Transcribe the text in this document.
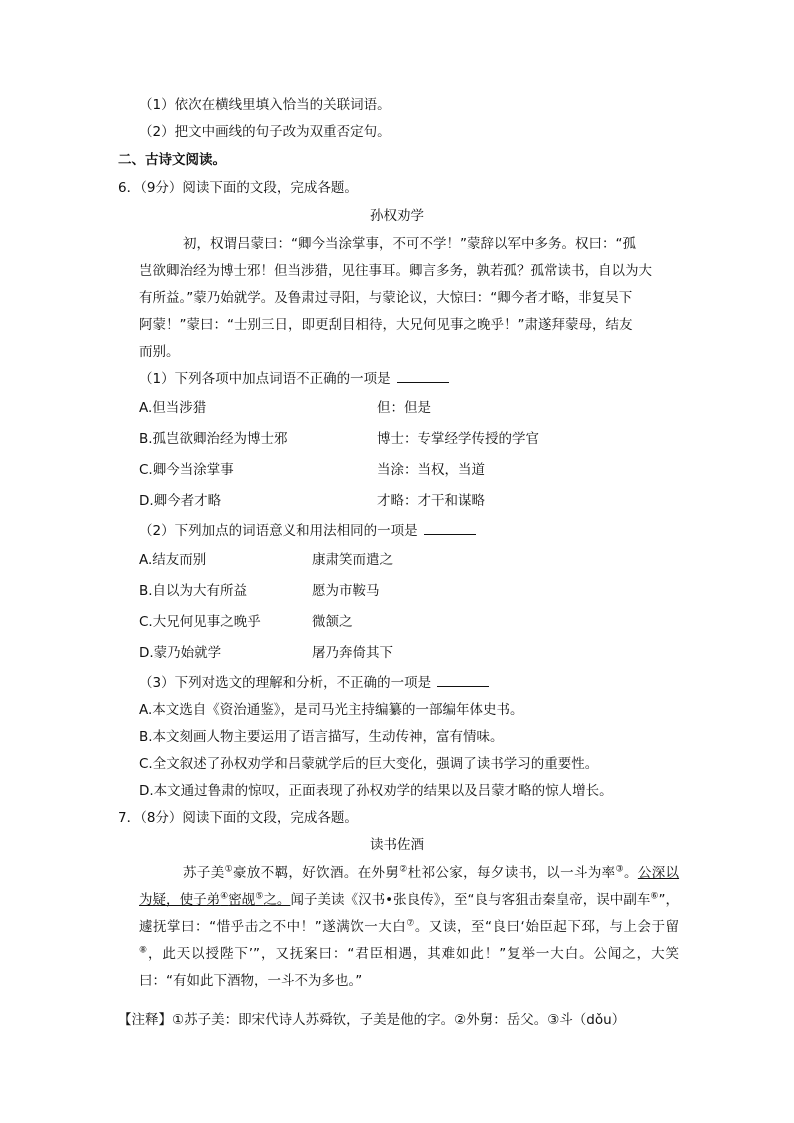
（1）依次在横线里填入恰当的关联词语。
（2）把文中画线的句子改为双重否定句。
二、古诗文阅读。
6．（9分）阅读下面的文段，完成各题。
孙权劝学
初，权谓吕蒙曰：“卿今当涂掌事，不可不学！”蒙辞以军中多务。权曰：“孤
岂欲卿治经为博士邪！但当涉猎，见往事耳。卿言多务，孰若孤？孤常读书，自以为大
有所益。”蒙乃始就学。及鲁肃过寻阳，与蒙论议，大惊曰：“卿今者才略，非复吴下
阿蒙！”蒙曰：“士别三日，即更刮目相待，大兄何见事之晚乎！”肃遂拜蒙母，结友
而别。
（1）下列各项中加点词语不正确的一项是
A.但当涉猎	但：但是
B.孤岂欲卿治经为博士邪	博士：专掌经学传授的学官
C.卿今当涂掌事	当涂：当权，当道
D.卿今者才略	才略：才干和谋略
（2）下列加点的词语意义和用法相同的一项是
A.结友而别	康肃笑而遣之
B.自以为大有所益	愿为市鞍马
C.大兄何见事之晚乎	微颔之
D.蒙乃始就学	屠乃奔倚其下
（3）下列对选文的理解和分析，不正确的一项是
A.本文选自《资治通鉴》，是司马光主持编纂的一部编年体史书。
B.本文刻画人物主要运用了语言描写，生动传神，富有情味。
C.全文叙述了孙权劝学和吕蒙就学后的巨大变化，强调了读书学习的重要性。
D.本文通过鲁肃的惊叹，正面表现了孙权劝学的结果以及吕蒙才略的惊人增长。
7．（8分）阅读下面的文段，完成各题。
读书佐酒
苏子美①豪放不羁，好饮酒。在外舅②杜祁公家，每夕读书，以一斗为率③。公深以为疑，使子弟④密觇⑤之。闻子美读《汉书•张良传》，至“良与客狙击秦皇帝，误中副车⑥”，遽抚掌曰：“惜乎击之不中！”遂满饮一大白⑦。又读，至“良曰‘始臣起下邳，与上会于留⑧，此天以授陛下’”，又抚案曰：“君臣相遇，其难如此！”复举一大白。公闻之，大笑曰：“有如此下酒物，一斗不为多也。”
【注释】①苏子美：即宋代诗人苏舜钦，子美是他的字。②外舅：岳父。③斗（dǒu）
